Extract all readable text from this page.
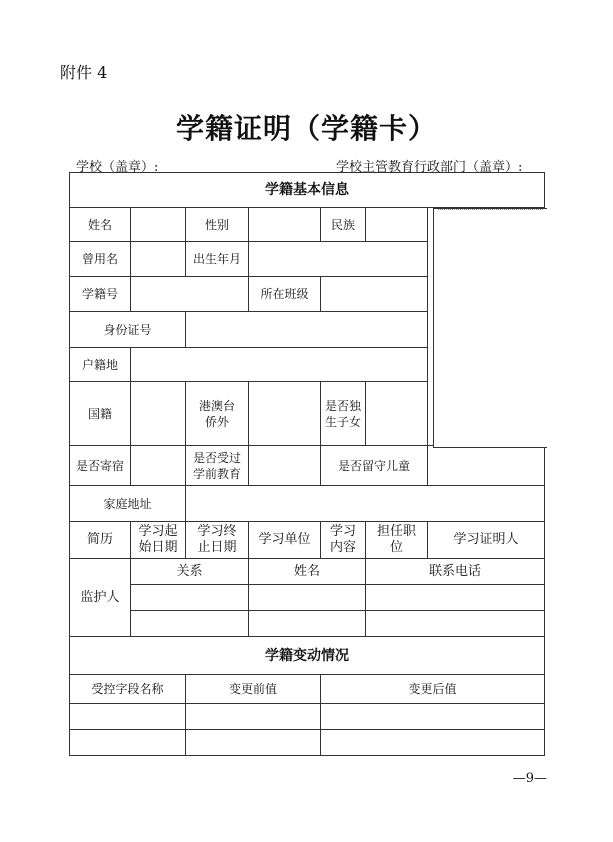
附件 4
学籍证明（学籍卡）
学校（盖章）:	学校主管教育行政部门（盖章）:
学籍基本信息						
姓名		性别		民族		
曾用名		出生年月				
学籍号			所在班级			
身份证号						
户籍地						
国籍		港澳台侨外		是否独生子女		
是否寄宿		是否受过学前教育		是否留守儿童		
家庭地址						
简历	学习起始日期	学习终止日期	学习单位	学习内容	担任职位	学习证明人
监护人	关系		姓名		联系电话	

学籍变动情况						
受控字段名称		变更前值		变更后值		

—9—
